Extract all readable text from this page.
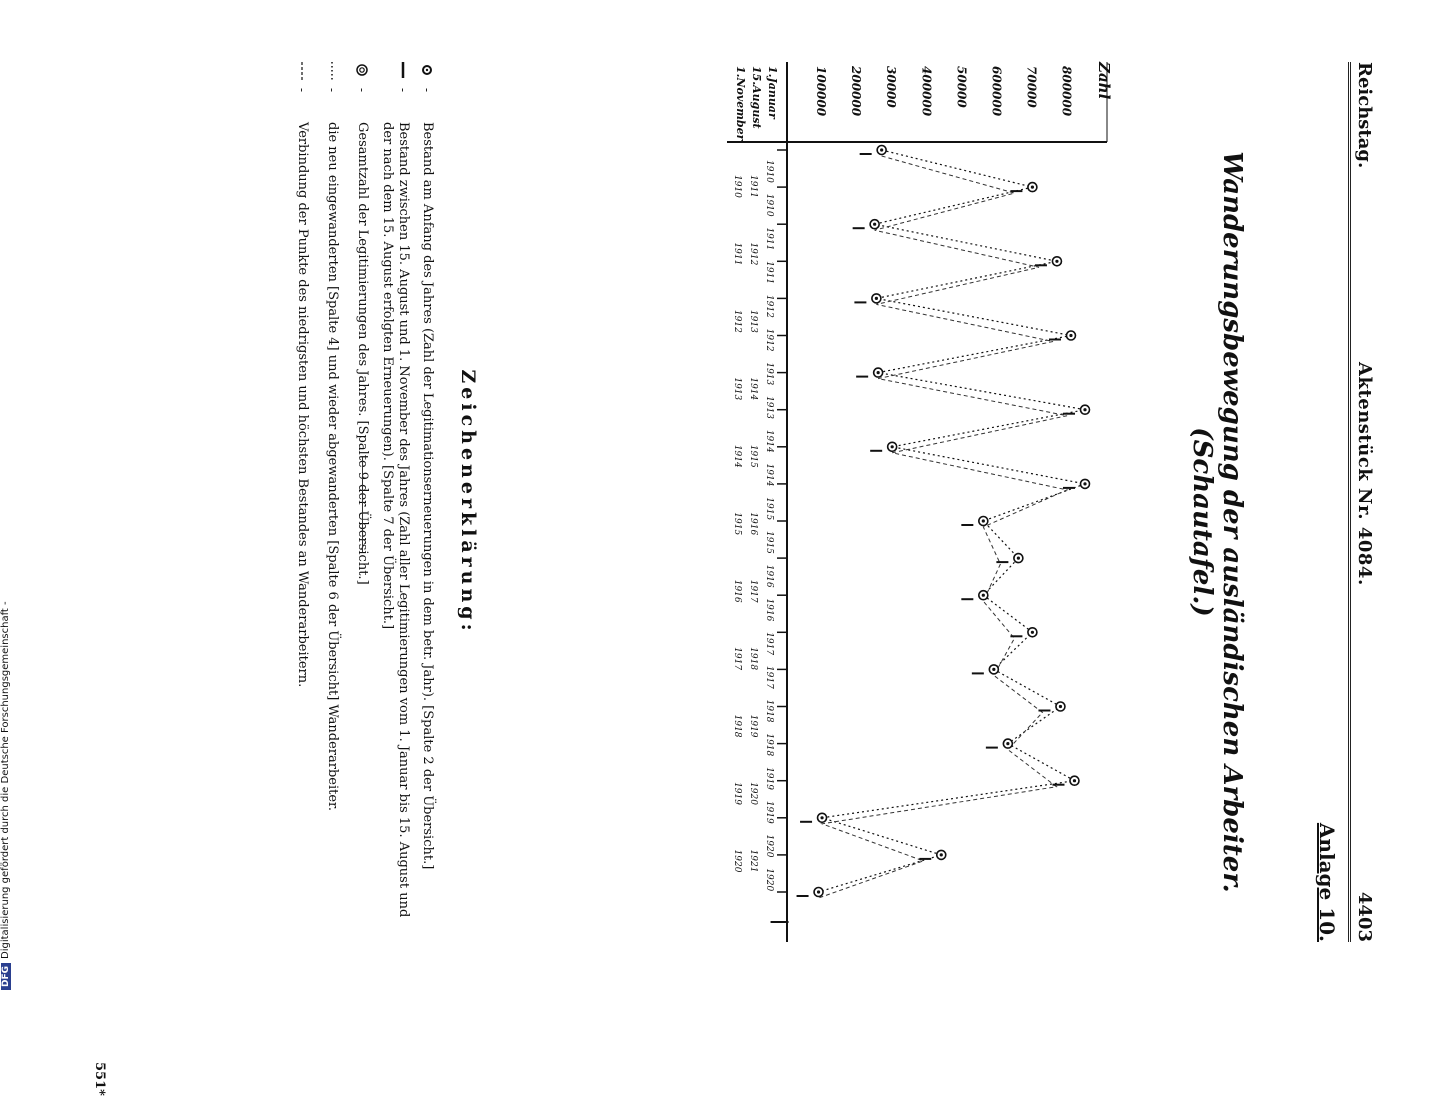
Reichstag.
Aktenstück Nr. 4084.
4403
Anlage 10.
Wanderungsbewegung der ausländischen Arbeiter. (Schautafel.)
Zahl
800000
70000
600000
50000
400000
30000
200000
100000
1.Januar
15.August
1.November
1910
1910
1911
1911
1912
1912
1913
1913
1914
1914
1915
1915
1916
1916
1917
1917
1918
1918
1919
1919
1920
1920
1911
1912
1913
1914
1915
1916
1917
1918
1919
1920
1921
1910
1911
1912
1913
1914
1915
1916
1917
1918
1919
1920
Zeichenerklärung:
-
Bestand am Anfang des Jahres (Zahl der Legitimationserneuerungen in dem betr. Jahr). [Spalte 2 der Übersicht.]
-
Bestand zwischen 15. August und 1. November des Jahres (Zahl aller Legitimierungen vom 1. Januar bis 15. August und der nach dem 15. August erfolgten Erneuerungen). [Spalte 7 der Übersicht.]
-
Gesamtzahl der Legitimierungen des Jahres. [Spalte 9 der Übersicht.]
-
die neu eingewanderten [Spalte 4] und wieder abgewanderten [Spalte 6 der Übersicht] Wanderarbeiter.
-
Verbindung der Punkte des niedrigsten und höchsten Bestandes an Wanderarbeitern.
551*
DFGDigitalisierung gefördert durch die Deutsche Forschungsgemeinschaft -
